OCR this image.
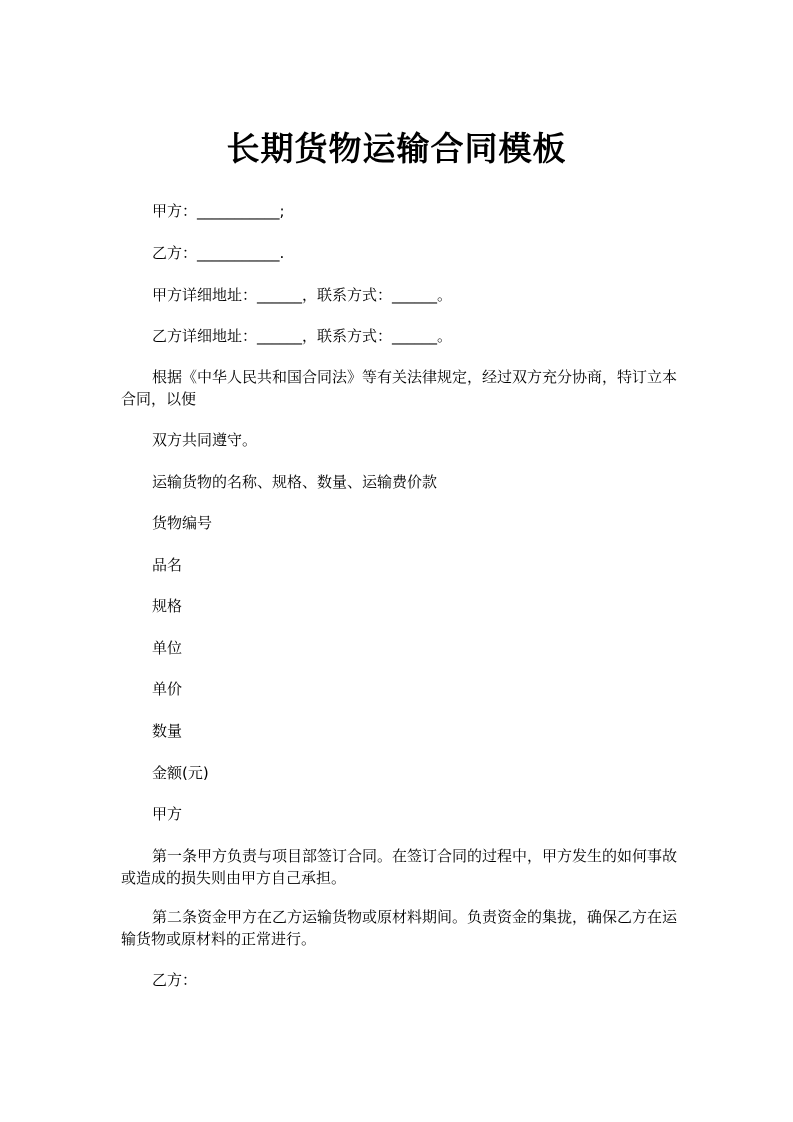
长期货物运输合同模板
甲方：___________;
乙方：___________.
甲方详细地址：______，联系方式：______。
乙方详细地址：______，联系方式：______。
根据《中华人民共和国合同法》等有关法律规定，经过双方充分协商，特订立本合同，以便
双方共同遵守。
运输货物的名称、规格、数量、运输费价款
货物编号
品名
规格
单位
单价
数量
金额(元)
甲方
第一条甲方负责与项目部签订合同。在签订合同的过程中，甲方发生的如何事故或造成的损失则由甲方自己承担。
第二条资金甲方在乙方运输货物或原材料期间。负责资金的集拢，确保乙方在运输货物或原材料的正常进行。
乙方：
